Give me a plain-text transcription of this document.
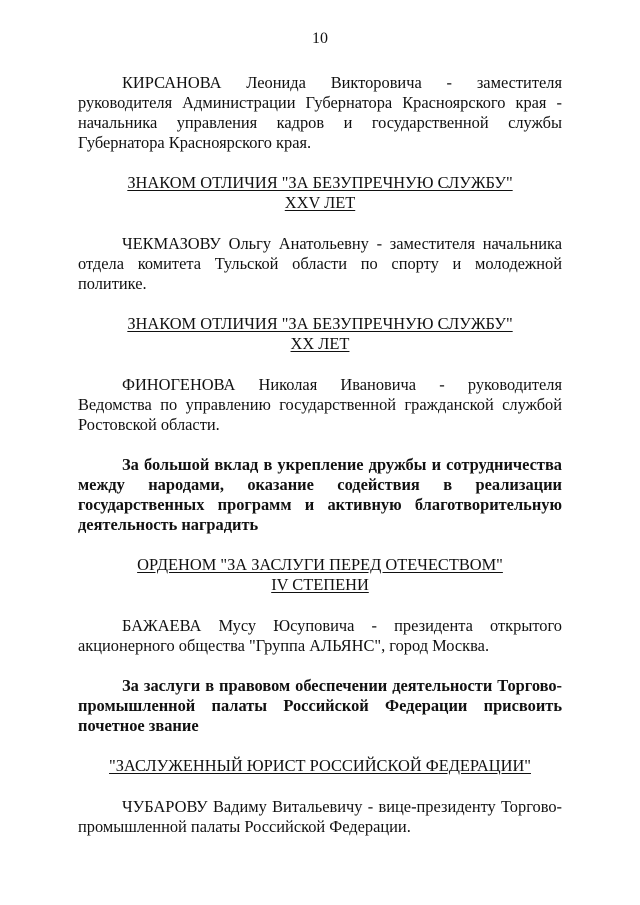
10

КИРСАНОВА Леонида Викторовича - заместителя руководителя Администрации Губернатора Красноярского края - начальника управления кадров и государственной службы Губернатора Красноярского края.

ЗНАКОМ ОТЛИЧИЯ "ЗА БЕЗУПРЕЧНУЮ СЛУЖБУ"

XXV ЛЕТ

ЧЕКМАЗОВУ Ольгу Анатольевну - заместителя начальника отдела комитета Тульской области по спорту и молодежной политике.

ЗНАКОМ ОТЛИЧИЯ "ЗА БЕЗУПРЕЧНУЮ СЛУЖБУ"

XX ЛЕТ

ФИНОГЕНОВА Николая Ивановича - руководителя Ведомства по управлению государственной гражданской службой Ростовской области.

За большой вклад в укрепление дружбы и сотрудничества между народами, оказание содействия в реализации государственных программ и активную благотворительную деятельность наградить

ОРДЕНОМ "ЗА ЗАСЛУГИ ПЕРЕД ОТЕЧЕСТВОМ"

IV СТЕПЕНИ

БАЖАЕВА Мусу Юсуповича - президента открытого акционерного общества "Группа АЛЬЯНС", город Москва.

За заслуги в правовом обеспечении деятельности Торгово-промышленной палаты Российской Федерации присвоить почетное звание

"ЗАСЛУЖЕННЫЙ ЮРИСТ РОССИЙСКОЙ ФЕДЕРАЦИИ"

ЧУБАРОВУ Вадиму Витальевичу - вице-президенту Торгово-промышленной палаты Российской Федерации.
